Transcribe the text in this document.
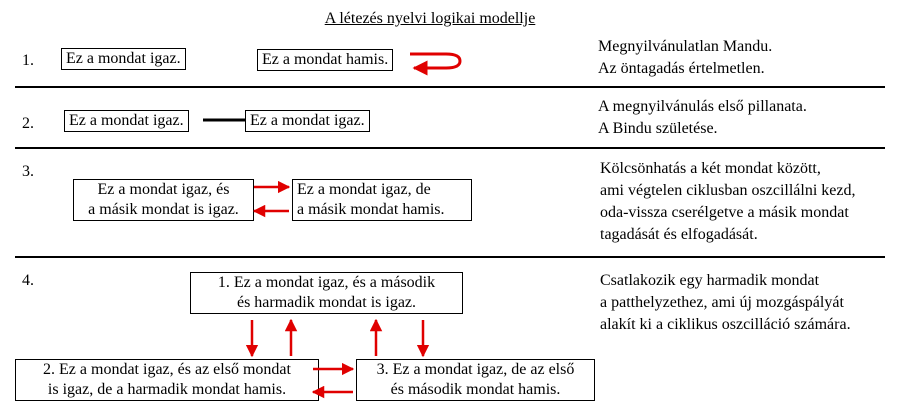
A létezés nyelvi logikai modellje
1.	Ez a mondat igaz.	Ez a mondat hamis.
Megnyilvánulatlan Mandu.
Az öntagadás értelmetlen.
2.	Ez a mondat igaz.	Ez a mondat igaz.
A megnyilvánulás első pillanata.
A Bindu születése.
3.
Ez a mondat igaz, és
a másik mondat is igaz.
Ez a mondat igaz, de
a másik mondat hamis.
Kölcsönhatás a két mondat között,
ami végtelen ciklusban oszcillálni kezd,
oda-vissza cserélgetve a másik mondat
tagadását és elfogadását.
4.	1. Ez a mondat igaz, és a második
és harmadik mondat is igaz.
2. Ez a mondat igaz, és az első mondat
is igaz, de a harmadik mondat hamis.
3. Ez a mondat igaz, de az első
és második mondat hamis.
Csatlakozik egy harmadik mondat
a patthelyzethez, ami új mozgáspályát
alakít ki a ciklikus oszcilláció számára.
